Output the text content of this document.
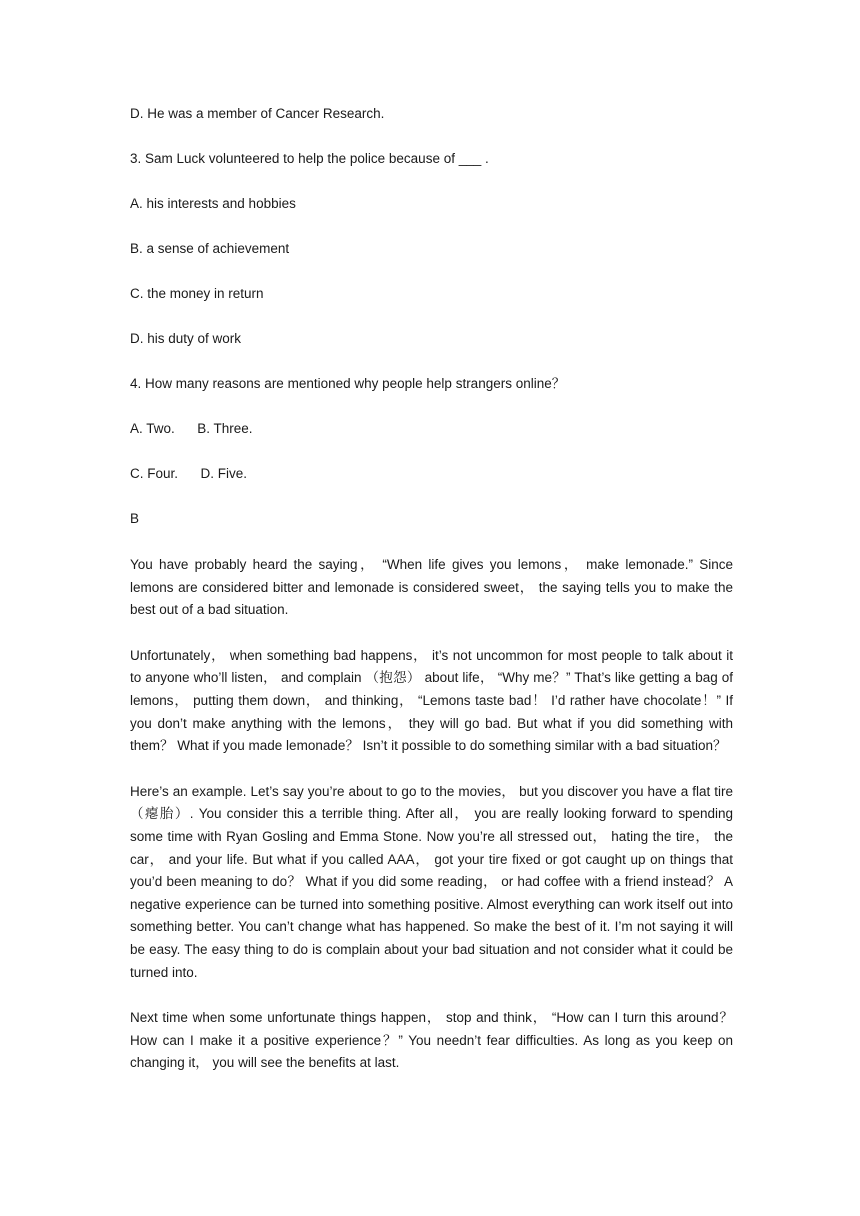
D. He was a member of Cancer Research.
3. Sam Luck volunteered to help the police because of ___ .
A. his interests and hobbies
B. a sense of achievement
C. the money in return
D. his duty of work
4. How many reasons are mentioned why people help strangers online？
A. Two.      B. Three.
C. Four.      D. Five.
B

You have probably heard the saying， “When life gives you lemons， make lemonade.” Since lemons are considered bitter and lemonade is considered sweet， the saying tells you to make the best out of a bad situation.

Unfortunately， when something bad happens， it’s not uncommon for most people to talk about it to anyone who’ll listen， and complain （抱怨） about life， “Why me？” That’s like getting a bag of lemons， putting them down， and thinking， “Lemons taste bad！ I’d rather have chocolate！” If you don’t make anything with the lemons， they will go bad. But what if you did something with them？ What if you made lemonade？ Isn’t it possible to do something similar with a bad situation？

Here’s an example. Let’s say you’re about to go to the movies， but you discover you have a flat tire （瘪胎）. You consider this a terrible thing. After all， you are really looking forward to spending some time with Ryan Gosling and Emma Stone. Now you’re all stressed out， hating the tire， the car， and your life. But what if you called AAA， got your tire fixed or got caught up on things that you’d been meaning to do？ What if you did some reading， or had coffee with a friend instead？ A negative experience can be turned into something positive. Almost everything can work itself out into something better. You can’t change what has happened. So make the best of it. I’m not saying it will be easy. The easy thing to do is complain about your bad situation and not consider what it could be turned into.

Next time when some unfortunate things happen， stop and think， “How can I turn this around？ How can I make it a positive experience？” You needn’t fear difficulties. As long as you keep on changing it， you will see the benefits at last.
